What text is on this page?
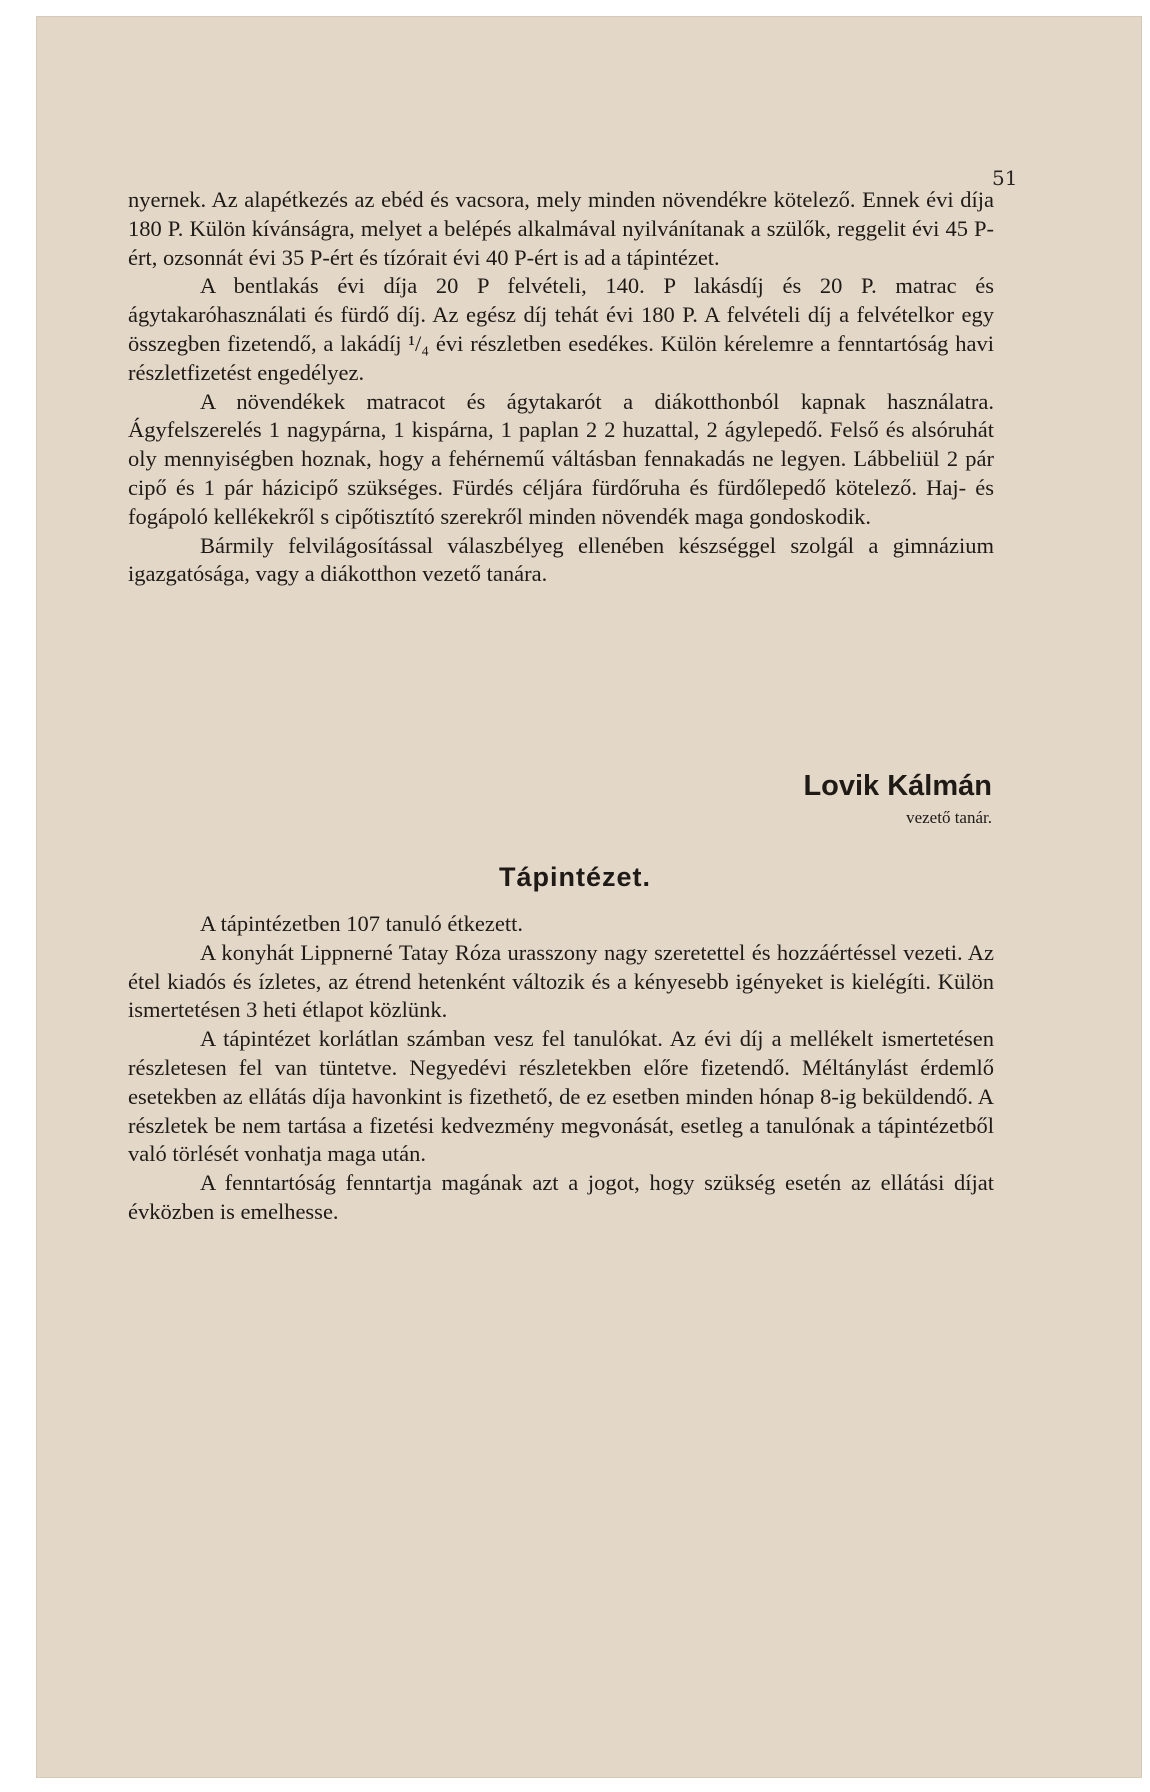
51

nyernek. Az alapétkezés az ebéd és vacsora, mely minden növendékre kötelező. Ennek évi díja 180 P. Külön kívánságra, melyet a belépés alkalmával nyilvánítanak a szülők, reggelit évi 45 P-ért, ozsonnát évi 35 P-ért és tízórait évi 40 P-ért is ad a tápintézet.

A bentlakás évi díja 20 P felvételi, 140. P lakásdíj és 20 P. matrac és ágytakaróhasználati és fürdő díj. Az egész díj tehát évi 180 P. A felvételi díj a felvételkor egy összegben fizetendő, a lakádíj ¹/₄ évi részletben esedékes. Külön kérelemre a fenntartóság havi részletfizetést engedélyez.

A növendékek matracot és ágytakarót a diákotthonból kapnak használatra. Ágyfelszerelés 1 nagypárna, 1 kispárna, 1 paplan 2 2 huzattal, 2 ágylepedő. Felső és alsóruhát oly mennyiségben hoznak, hogy a fehérnemű váltásban fennakadás ne legyen. Lábbeliül 2 pár cipő és 1 pár házicipő szükséges. Fürdés céljára fürdőruha és fürdőlepedő kötelező. Haj- és fogápoló kellékekről s cipőtisztító szerekről minden növendék maga gondoskodik.

Bármily felvilágosítással válaszbélyeg ellenében készséggel szolgál a gimnázium igazgatósága, vagy a diákotthon vezető tanára.

Lovik Kálmán
vezető tanár.
Tápintézet.

A tápintézetben 107 tanuló étkezett.

A konyhát Lippnerné Tatay Róza urasszony nagy szeretettel és hozzáértéssel vezeti. Az étel kiadós és ízletes, az étrend hetenként változik és a kényesebb igényeket is kielégíti. Külön ismertetésen 3 heti étlapot közlünk.

A tápintézet korlátlan számban vesz fel tanulókat. Az évi díj a mellékelt ismertetésen részletesen fel van tüntetve. Negyedévi részletekben előre fizetendő. Méltánylást érdemlő esetekben az ellátás díja havonkint is fizethető, de ez esetben minden hónap 8-ig beküldendő. A részletek be nem tartása a fizetési kedvezmény megvonását, esetleg a tanulónak a tápintézetből való törlését vonhatja maga után.

A fenntartóság fenntartja magának azt a jogot, hogy szükség esetén az ellátási díjat évközben is emelhesse.
